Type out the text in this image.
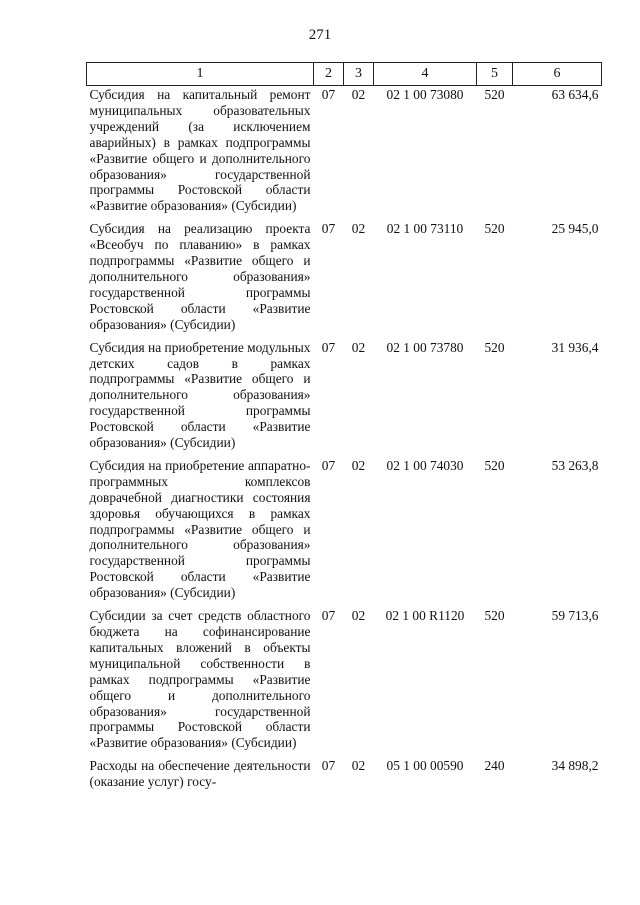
271
1	2	3	4	5	6
Субсидия на капитальный ремонт муниципальных образовательных учреждений (за исключением аварийных) в рамках подпрограммы «Развитие общего и дополнительного образования» государственной программы Ростовской области «Развитие образования» (Субсидии)	07	02	02 1 00 73080	520	63 634,6
Субсидия на реализацию проекта «Всеобуч по плаванию» в рамках подпрограммы «Развитие общего и дополнительного образования» государственной программы Ростовской области «Развитие образования» (Субсидии)	07	02	02 1 00 73110	520	25 945,0
Субсидия на приобретение модульных детских садов в рамках подпрограммы «Развитие общего и дополнительного образования» государственной программы Ростовской области «Развитие образования» (Субсидии)	07	02	02 1 00 73780	520	31 936,4
Субсидия на приобретение аппаратно-программных комплексов доврачебной диагностики состояния здоровья обучающихся в рамках подпрограммы «Развитие общего и дополнительного образования» государственной программы Ростовской области «Развитие образования» (Субсидии)	07	02	02 1 00 74030	520	53 263,8
Субсидии за счет средств областного бюджета на софинансирование капитальных вложений в объекты муниципальной собственности в рамках подпрограммы «Развитие общего и дополнительного образования» государственной программы Ростовской области «Развитие образования» (Субсидии)	07	02	02 1 00 R1120	520	59 713,6
Расходы на обеспечение деятельности (оказание услуг) госу-	07	02	05 1 00 00590	240	34 898,2
